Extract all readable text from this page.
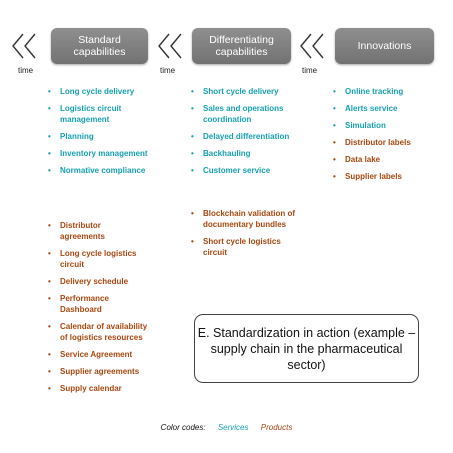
time	time	time
Standard capabilities
Differentiating capabilities
Innovations
• Long cycle delivery
• Logistics circuit management
• Planning
• Inventory management
• Normative compliance
• Distributor agreements
• Long cycle logistics circuit
• Delivery schedule
• Performance Dashboard
• Calendar of availability of logistics resources
• Service Agreement
• Supplier agreements
• Supply calendar
• Short cycle delivery
• Sales and operations coordination
• Delayed differentiation
• Backhauling
• Customer service
• Blockchain validation of documentary bundles
• Short cycle logistics circuit
• Online tracking
• Alerts service
• Simulation
• Distributor labels
• Data lake
• Supplier labels
E. Standardization in action (example – supply chain in the pharmaceutical sector)
Color codes: Services Products
